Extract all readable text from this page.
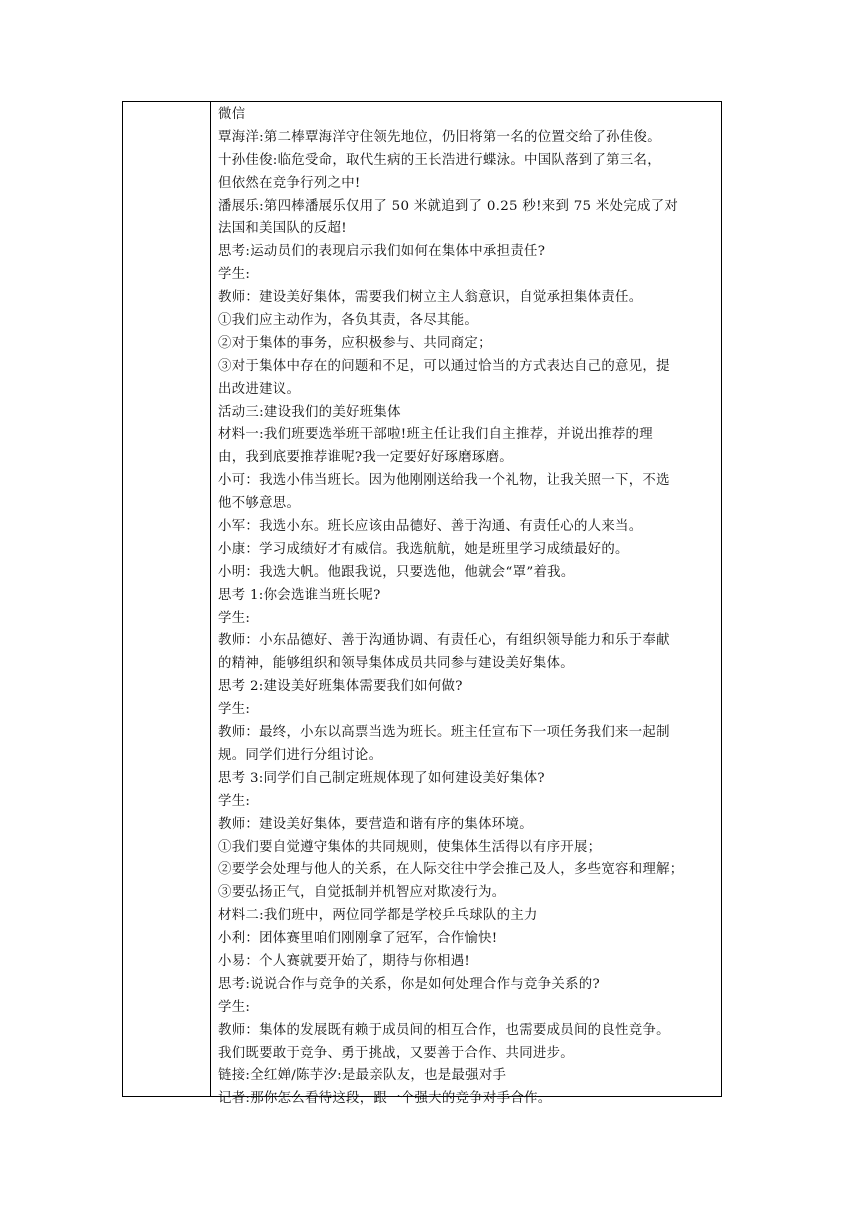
微信
覃海洋:第二棒覃海洋守住领先地位，仍旧将第一名的位置交给了孙佳俊。
十孙佳俊:临危受命，取代生病的王长浩进行蝶泳。中国队落到了第三名，
但依然在竞争行列之中!
潘展乐:第四棒潘展乐仅用了 50 米就追到了 0.25 秒!来到 75 米处完成了对
法国和美国队的反超!
思考:运动员们的表现启示我们如何在集体中承担责任?
学生:
教师：建设美好集体，需要我们树立主人翁意识，自觉承担集体责任。
①我们应主动作为，各负其责，各尽其能。
②对于集体的事务，应积极参与、共同商定；
③对于集体中存在的问题和不足，可以通过恰当的方式表达自己的意见，提
出改进建议。
活动三:建设我们的美好班集体
材料一:我们班要选举班干部啦!班主任让我们自主推荐，并说出推荐的理
由，我到底要推荐谁呢?我一定要好好琢磨琢磨。
小可：我选小伟当班长。因为他刚刚送给我一个礼物，让我关照一下，不选
他不够意思。
小军：我选小东。班长应该由品德好、善于沟通、有责任心的人来当。
小康：学习成绩好才有威信。我选航航，她是班里学习成绩最好的。
小明：我选大帆。他跟我说，只要选他，他就会“罩”着我。
思考 1:你会选谁当班长呢?
学生:
教师：小东品德好、善于沟通协调、有责任心，有组织领导能力和乐于奉献
的精神，能够组织和领导集体成员共同参与建设美好集体。
思考 2:建设美好班集体需要我们如何做?
学生:
教师：最终，小东以高票当选为班长。班主任宣布下一项任务我们来一起制
规。同学们进行分组讨论。
思考 3:同学们自己制定班规体现了如何建设美好集体?
学生:
教师：建设美好集体，要营造和谐有序的集体环境。
①我们要自觉遵守集体的共同规则，使集体生活得以有序开展；
②要学会处理与他人的关系，在人际交往中学会推己及人，多些宽容和理解；
③要弘扬正气，自觉抵制并机智应对欺凌行为。
材料二:我们班中，两位同学都是学校乒乓球队的主力
小利：团体赛里咱们刚刚拿了冠军，合作愉快!
小易：个人赛就要开始了，期待与你相遇!
思考:说说合作与竞争的关系，你是如何处理合作与竞争关系的?
学生:
教师：集体的发展既有赖于成员间的相互合作，也需要成员间的良性竞争。
我们既要敢于竞争、勇于挑战，又要善于合作、共同进步。
链接:全红婵/陈芋汐:是最亲队友，也是最强对手
记者:那你怎么看待这段，跟一个强大的竞争对手合作。
